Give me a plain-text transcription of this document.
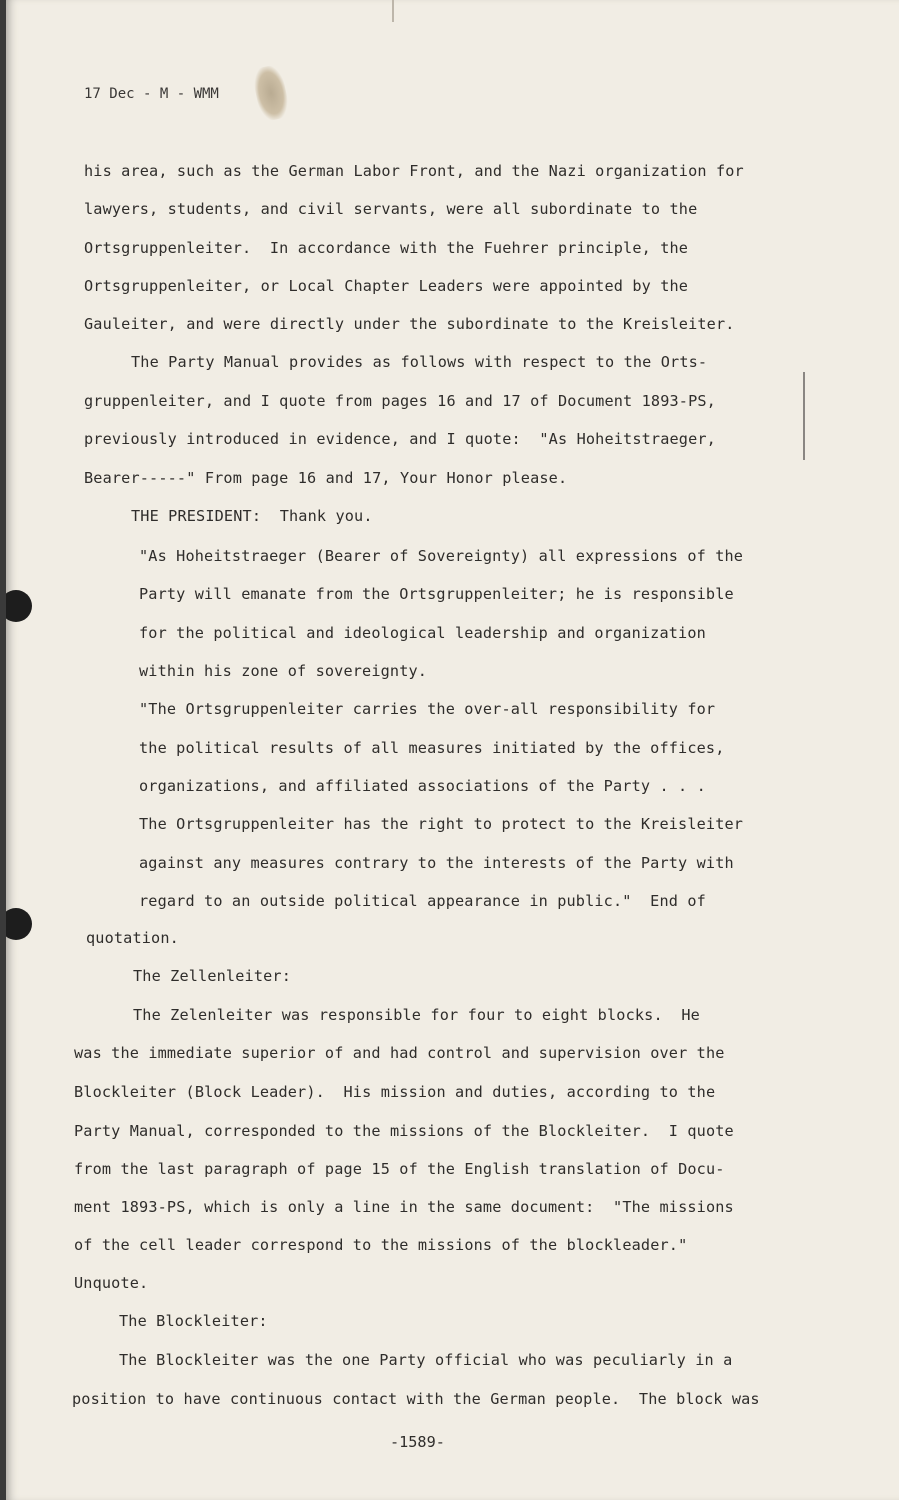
17 Dec - M - WMM
his area, such as the German Labor Front, and the Nazi organization for
lawyers, students, and civil servants, were all subordinate to the
Ortsgruppenleiter.  In accordance with the Fuehrer principle, the
Ortsgruppenleiter, or Local Chapter Leaders were appointed by the
Gauleiter, and were directly under the subordinate to the Kreisleiter.
The Party Manual provides as follows with respect to the Orts-
gruppenleiter, and I quote from pages 16 and 17 of Document 1893-PS,
previously introduced in evidence, and I quote:  "As Hoheitstraeger,
Bearer-----" From page 16 and 17, Your Honor please.
THE PRESIDENT:  Thank you.
"As Hoheitstraeger (Bearer of Sovereignty) all expressions of the
Party will emanate from the Ortsgruppenleiter; he is responsible
for the political and ideological leadership and organization
within his zone of sovereignty.
"The Ortsgruppenleiter carries the over-all responsibility for
the political results of all measures initiated by the offices,
organizations, and affiliated associations of the Party . . .
The Ortsgruppenleiter has the right to protect to the Kreisleiter
against any measures contrary to the interests of the Party with
regard to an outside political appearance in public."  End of
quotation.
The Zellenleiter:
The Zelenleiter was responsible for four to eight blocks.  He
was the immediate superior of and had control and supervision over the
Blockleiter (Block Leader).  His mission and duties, according to the
Party Manual, corresponded to the missions of the Blockleiter.  I quote
from the last paragraph of page 15 of the English translation of Docu-
ment 1893-PS, which is only a line in the same document:  "The missions
of the cell leader correspond to the missions of the blockleader."
Unquote.
The Blockleiter:
The Blockleiter was the one Party official who was peculiarly in a
position to have continuous contact with the German people.  The block was
-1589-
